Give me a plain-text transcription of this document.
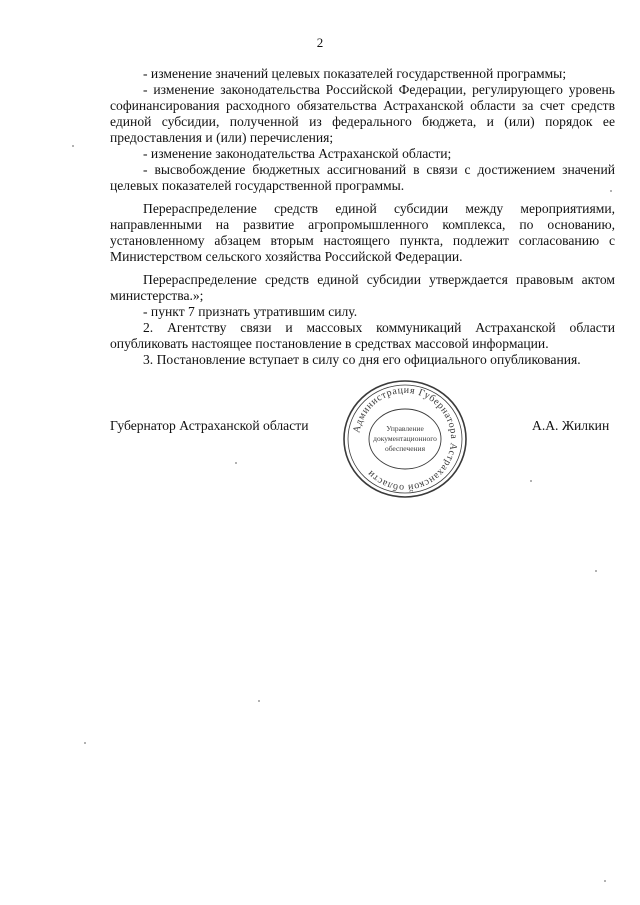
2

- изменение значений целевых показателей государственной программы;

- изменение законодательства Российской Федерации, регулирующего уровень софинансирования расходного обязательства Астраханской области за счет средств единой субсидии, полученной из федерального бюджета, и (или) порядок ее предоставления и (или) перечисления;

- изменение законодательства Астраханской области;

- высвобождение бюджетных ассигнований в связи с достижением значений целевых показателей государственной программы.

Перераспределение средств единой субсидии между мероприятиями, направленными на развитие агропромышленного комплекса, по основанию, установленному абзацем вторым настоящего пункта, подлежит согласованию с Министерством сельского хозяйства Российской Федерации.

Перераспределение средств единой субсидии утверждается правовым актом министерства.»;

- пункт 7 признать утратившим силу.

2. Агентству связи и массовых коммуникаций Астраханской области опубликовать настоящее постановление в средствах массовой информации.

3. Постановление вступает в силу со дня его официального опубликования.

Губернатор Астраханской области	А.А. Жилкин
Администрация Губернатора Астраханской области
Управление
документационного
обеспечения
